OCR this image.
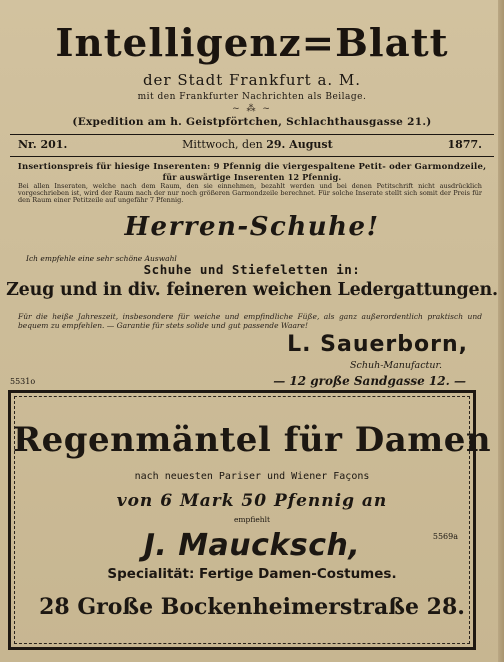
Intelligenz=Blatt
der Stadt Frankfurt a. M.
mit den Frankfurter Nachrichten als Beilage.
~ ⁂ ~
(Expedition am h. Geistpförtchen, Schlachthausgasse 21.)
Nr. 201.	Mittwoch, den 29. August	1877.
Insertionspreis für hiesige Inserenten: 9 Pfennig die viergespaltene Petit- oder Garmondzeile,
für auswärtige Inserenten 12 Pfennig.
Bei allen Inseraten, welche nach dem Raum, den sie einnehmen, bezahlt werden und bei denen Petitschrift nicht ausdrücklich vorgeschrieben ist, wird der Raum nach der nur noch größeren Garmondzeile berechnet. Für solche Inserate stellt sich somit der Preis für den Raum einer Petitzeile auf ungefähr 7 Pfennig.
Herren-Schuhe!
Ich empfehle eine sehr schöne Auswahl
Schuhe und Stiefeletten in:
Zeug und in div. feineren weichen Ledergattungen.
Für die heiße Jahreszeit, insbesondere für weiche und empfindliche Füße, als ganz außerordentlich praktisch und bequem zu empfehlen. — Garantie für stets solide und gut passende Waare!
L. Sauerborn,
Schuh-Manufactur.
— 12 große Sandgasse 12. —
5531o
Regenmäntel für Damen
nach neuesten Pariser und Wiener Façons
von 6 Mark 50 Pfennig an
empfiehlt
J. Maucksch,	5569a
Specialität: Fertige Damen-Costumes.
28 Große Bockenheimerstraße 28.
